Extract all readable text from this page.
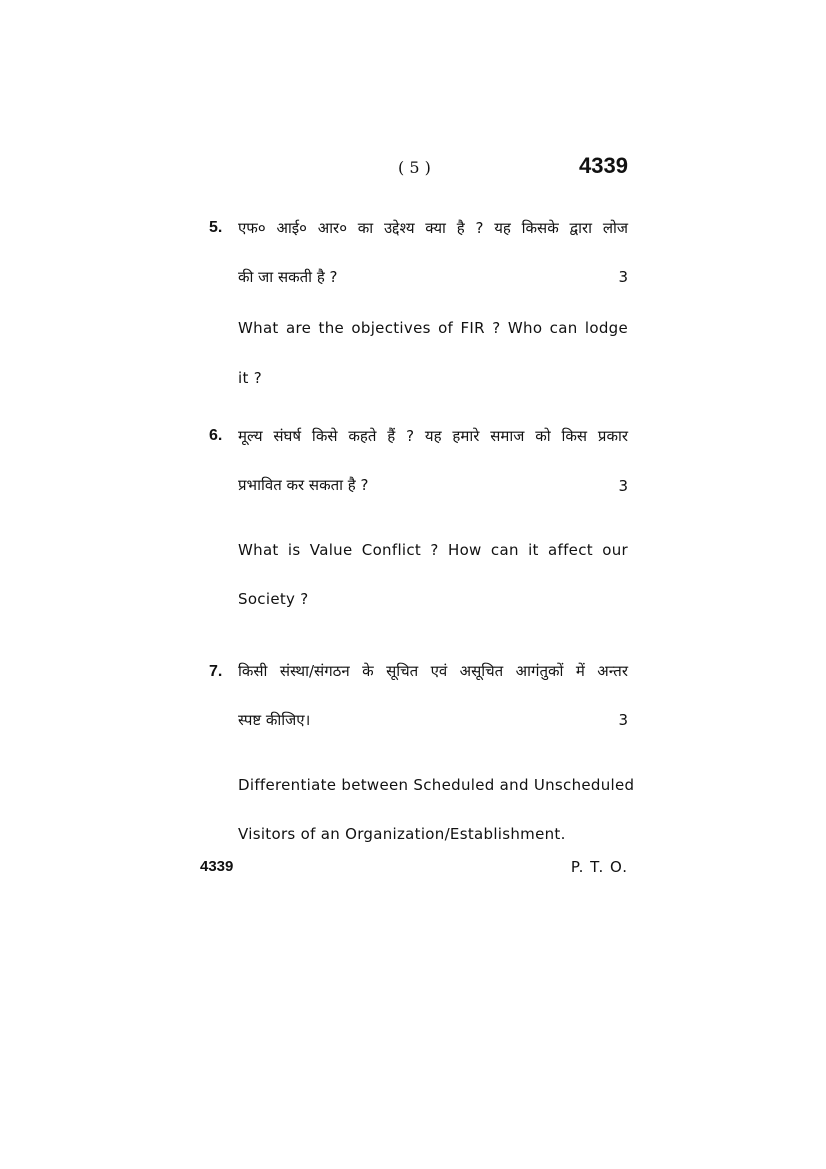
( 5 )	4339
5. एफ० आई० आर० का उद्देश्य क्या है ? यह किसके द्वारा लोज
की जा सकती है ?	3
What are the objectives of FIR ? Who can lodge
it ?
6. मूल्य संघर्ष किसे कहते हैं ? यह हमारे समाज को किस प्रकार
प्रभावित कर सकता है ?	3
What is Value Conflict ? How can it affect our
Society ?
7. किसी संस्था/संगठन के सूचित एवं असूचित आगंतुकों में अन्तर
स्पष्ट कीजिए।	3
Differentiate between Scheduled and Unscheduled
Visitors of an Organization/Establishment.
4339	P. T. O.
